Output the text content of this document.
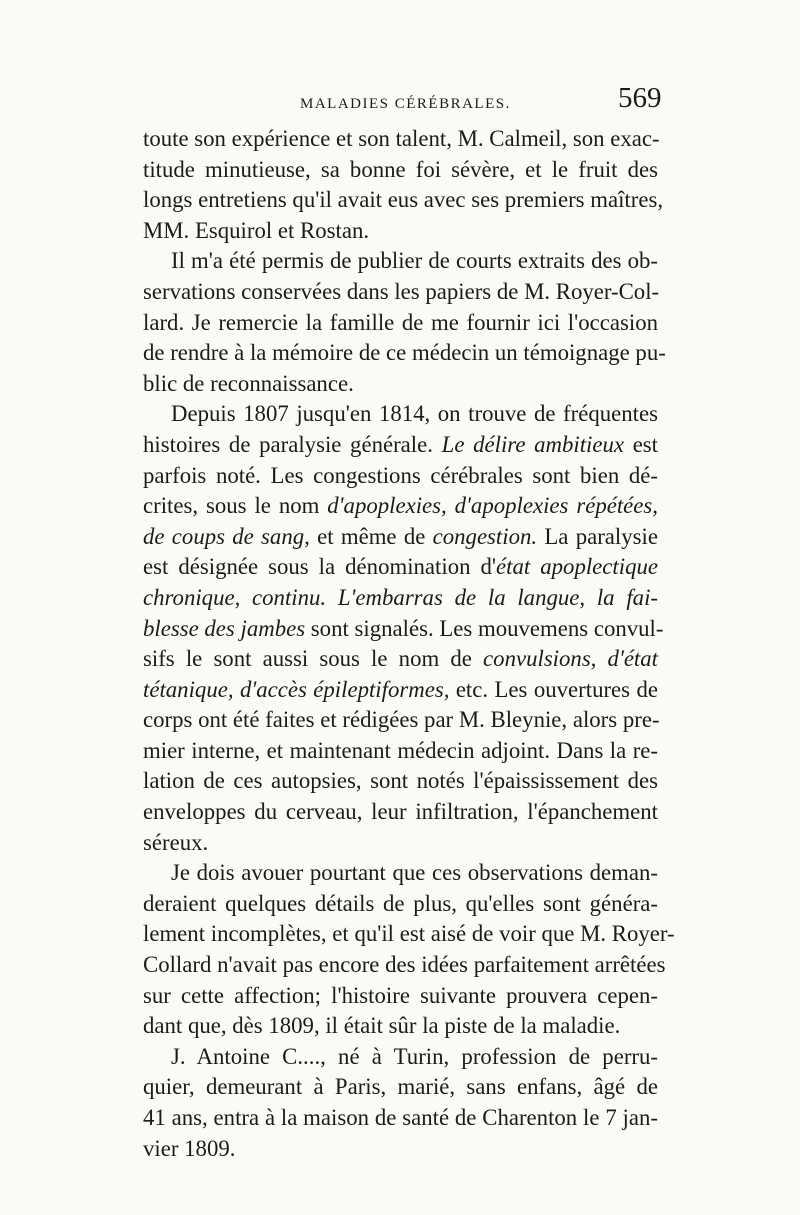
MALADIES CÉRÉBRALES.	569
toute son expérience et son talent, M. Calmeil, son exac-
titude minutieuse, sa bonne foi sévère, et le fruit des
longs entretiens qu'il avait eus avec ses premiers maîtres,
MM. Esquirol et Rostan.
Il m'a été permis de publier de courts extraits des ob-
servations conservées dans les papiers de M. Royer-Col-
lard. Je remercie la famille de me fournir ici l'occasion
de rendre à la mémoire de ce médecin un témoignage pu-
blic de reconnaissance.
Depuis 1807 jusqu'en 1814, on trouve de fréquentes
histoires de paralysie générale. Le délire ambitieux est
parfois noté. Les congestions cérébrales sont bien dé-
crites, sous le nom d'apoplexies, d'apoplexies répétées,
de coups de sang, et même de congestion. La paralysie
est désignée sous la dénomination d'état apoplectique
chronique, continu. L'embarras de la langue, la fai-
blesse des jambes sont signalés. Les mouvemens convul-
sifs le sont aussi sous le nom de convulsions, d'état
tétanique, d'accès épileptiformes, etc. Les ouvertures de
corps ont été faites et rédigées par M. Bleynie, alors pre-
mier interne, et maintenant médecin adjoint. Dans la re-
lation de ces autopsies, sont notés l'épaississement des
enveloppes du cerveau, leur infiltration, l'épanchement
séreux.
Je dois avouer pourtant que ces observations deman-
deraient quelques détails de plus, qu'elles sont généra-
lement incomplètes, et qu'il est aisé de voir que M. Royer-
Collard n'avait pas encore des idées parfaitement arrêtées
sur cette affection; l'histoire suivante prouvera cepen-
dant que, dès 1809, il était sûr la piste de la maladie.
J. Antoine C...., né à Turin, profession de perru-
quier, demeurant à Paris, marié, sans enfans, âgé de
41 ans, entra à la maison de santé de Charenton le 7 jan-
vier 1809.
